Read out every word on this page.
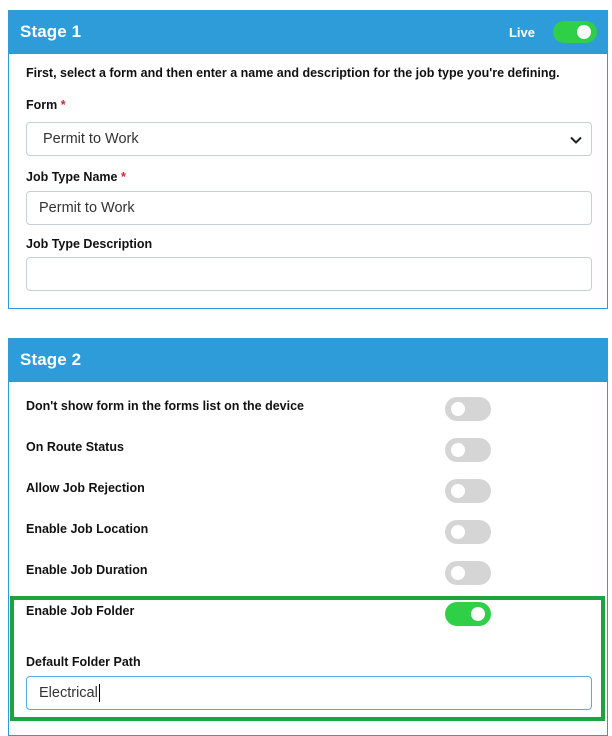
Stage 1	Live
First, select a form and then enter a name and description for the job type you're defining.
Form *
Permit to Work
Job Type Name *
Permit to Work
Job Type Description
Stage 2
Don't show form in the forms list on the device
On Route Status
Allow Job Rejection
Enable Job Location
Enable Job Duration
Enable Job Folder
Default Folder Path
Electrical
